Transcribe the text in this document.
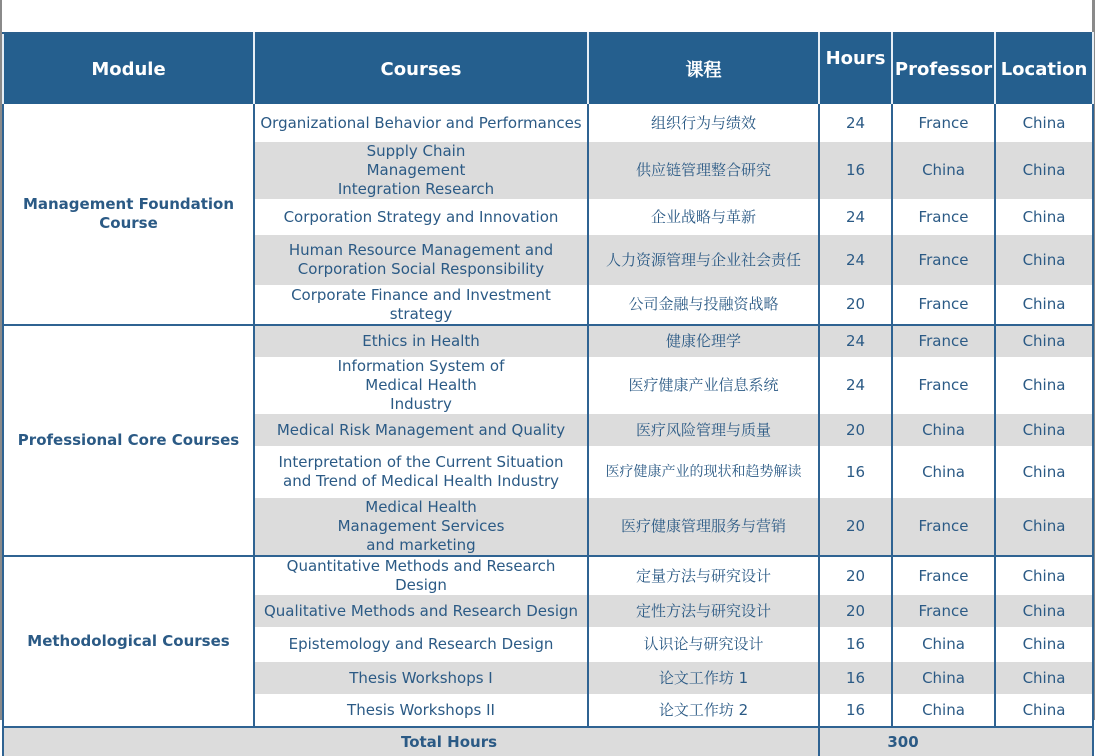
Module	Courses	课程	Hours	Professor	Location
Management Foundation Course	Organizational Behavior and Performances	组织行为与绩效	24	France	China
	Supply Chain Management Integration Research	供应链管理整合研究	16	China	China
	Corporation Strategy and Innovation	企业战略与革新	24	France	China
	Human Resource Management and Corporation Social Responsibility	人力资源管理与企业社会责任	24	France	China
	Corporate Finance and Investment strategy	公司金融与投融资战略	20	France	China
Professional Core Courses	Ethics in Health	健康伦理学	24	France	China
	Information System of Medical Health Industry	医疗健康产业信息系统	24	France	China
	Medical Risk Management and Quality	医疗风险管理与质量	20	China	China
	Interpretation of the Current Situation and Trend of Medical Health Industry	医疗健康产业的现状和趋势解读	16	China	China
	Medical Health Management Services and marketing	医疗健康管理服务与营销	20	France	China
Methodological Courses	Quantitative Methods and Research Design	定量方法与研究设计	20	France	China
	Qualitative Methods and Research Design	定性方法与研究设计	20	France	China
	Epistemology and Research Design	认识论与研究设计	16	China	China
	Thesis Workshops I	论文工作坊 1	16	China	China
	Thesis Workshops II	论文工作坊 2	16	China	China
Total Hours			300		
